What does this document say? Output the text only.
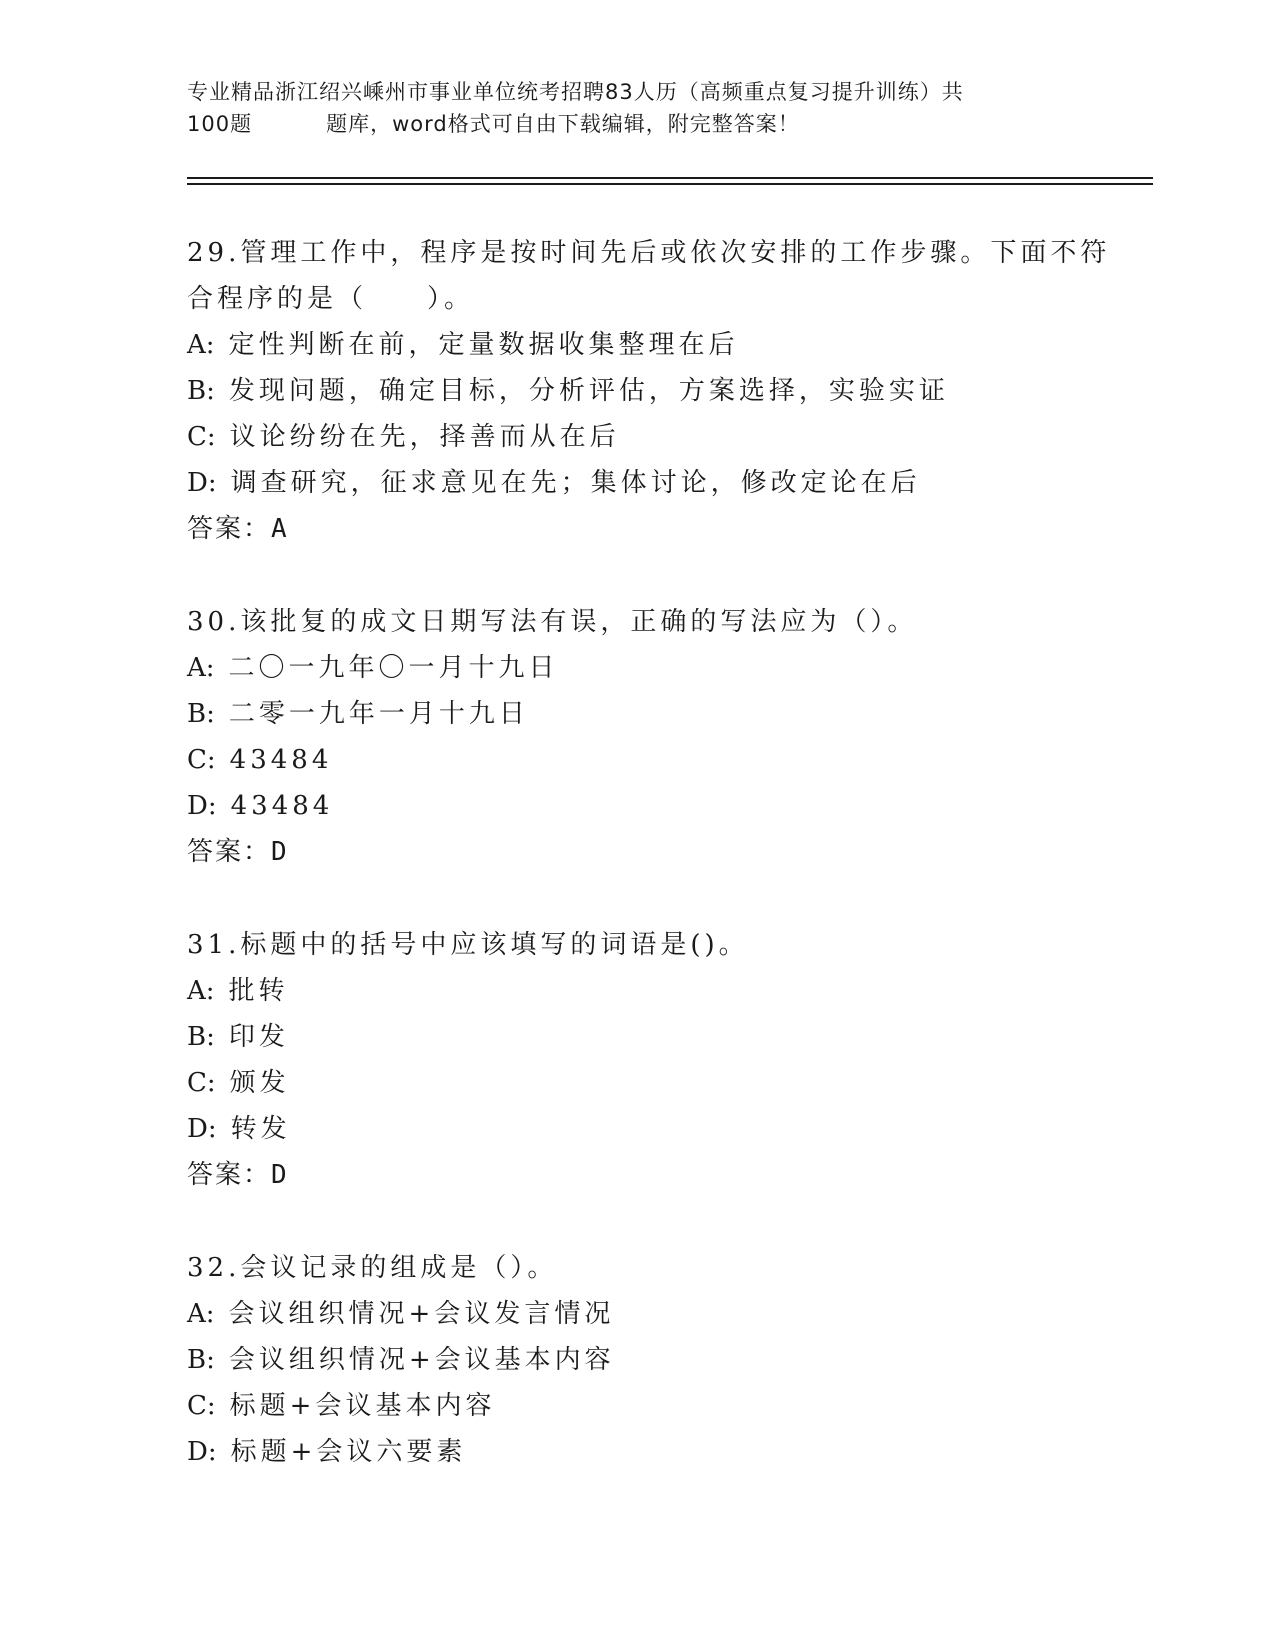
专业精品浙江绍兴嵊州市事业单位统考招聘83人历（高频重点复习提升训练）共
100题	题库，word格式可自由下载编辑，附完整答案！
29.管理工作中，程序是按时间先后或依次安排的工作步骤。下面不符
合程序的是（　　）。
A: 定性判断在前，定量数据收集整理在后
B: 发现问题，确定目标，分析评估，方案选择，实验实证
C: 议论纷纷在先，择善而从在后
D: 调查研究，征求意见在先；集体讨论，修改定论在后
答案：A
30.该批复的成文日期写法有误，正确的写法应为（）。
A: 二〇一九年〇一月十九日
B: 二零一九年一月十九日
C: 43484
D: 43484
答案：D
31.标题中的括号中应该填写的词语是()。
A: 批转
B: 印发
C: 颁发
D: 转发
答案：D
32.会议记录的组成是（）。
A: 会议组织情况+会议发言情况
B: 会议组织情况+会议基本内容
C: 标题+会议基本内容
D: 标题+会议六要素
